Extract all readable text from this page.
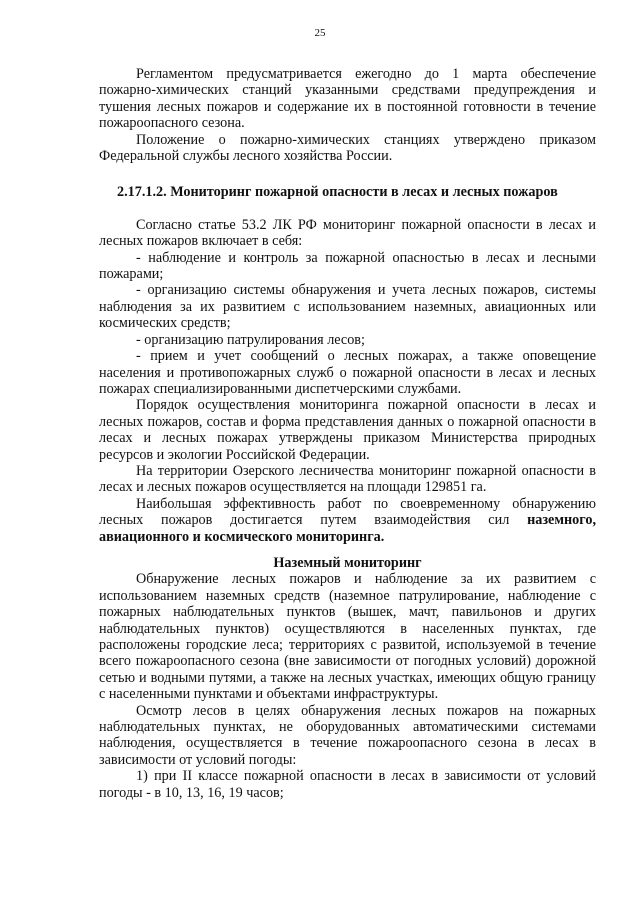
25

Регламентом предусматривается ежегодно до 1 марта обеспечение пожарно-химических станций указанными средствами предупреждения и тушения лесных пожаров и содержание их в постоянной готовности в течение пожароопасного сезона.

Положение о пожарно-химических станциях утверждено приказом Федеральной службы лесного хозяйства России.

2.17.1.2. Мониторинг пожарной опасности в лесах и лесных пожаров

Согласно статье 53.2 ЛК РФ мониторинг пожарной опасности в лесах и лесных пожаров включает в себя:

- наблюдение и контроль за пожарной опасностью в лесах и лесными пожарами;

- организацию системы обнаружения и учета лесных пожаров, системы наблюдения за их развитием с использованием наземных, авиационных или космических средств;

- организацию патрулирования лесов;

- прием и учет сообщений о лесных пожарах, а также оповещение населения и противопожарных служб о пожарной опасности в лесах и лесных пожарах специализированными диспетчерскими службами.

Порядок осуществления мониторинга пожарной опасности в лесах и лесных пожаров, состав и форма представления данных о пожарной опасности в лесах и лесных пожарах утверждены приказом Министерства природных ресурсов и экологии Российской Федерации.

На территории Озерского лесничества мониторинг пожарной опасности в лесах и лесных пожаров осуществляется на площади 129851 га.

Наибольшая эффективность работ по своевременному обнаружению лесных пожаров достигается путем взаимодействия сил наземного, авиационного и космического мониторинга.

Наземный мониторинг

Обнаружение лесных пожаров и наблюдение за их развитием с использованием наземных средств (наземное патрулирование, наблюдение с пожарных наблюдательных пунктов (вышек, мачт, павильонов и других наблюдательных пунктов) осуществляются в населенных пунктах, где расположены городские леса; территориях с развитой, используемой в течение всего пожароопасного сезона (вне зависимости от погодных условий) дорожной сетью и водными путями, а также на лесных участках, имеющих общую границу с населенными пунктами и объектами инфраструктуры.

Осмотр лесов в целях обнаружения лесных пожаров на пожарных наблюдательных пунктах, не оборудованных автоматическими системами наблюдения, осуществляется в течение пожароопасного сезона в лесах в зависимости от условий погоды:

1) при II классе пожарной опасности в лесах в зависимости от условий погоды - в 10, 13, 16, 19 часов;
